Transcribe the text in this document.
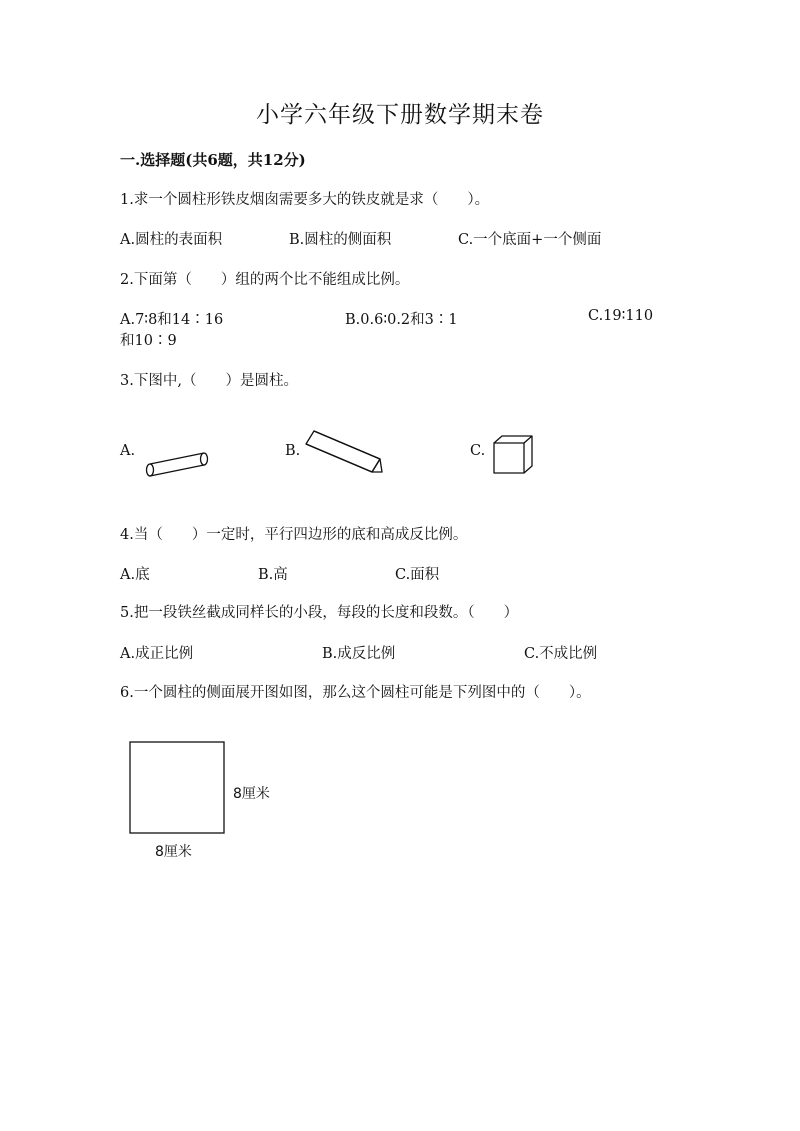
小学六年级下册数学期末卷
一.选择题(共6题，共12分)
1.求一个圆柱形铁皮烟囱需要多大的铁皮就是求（　　）。
A.圆柱的表面积	B.圆柱的侧面积	C.一个底面+一个侧面
2.下面第（　　）组的两个比不能组成比例。
A.7∶8和14∶16	B.0.6∶0.2和3∶1	C.19∶110
和10∶9
3.下图中,（　　）是圆柱。
A.	B.	C.
4.当（　　）一定时，平行四边形的底和高成反比例。
A.底	B.高	C.面积
5.把一段铁丝截成同样长的小段，每段的长度和段数。（　　）
A.成正比例	B.成反比例	C.不成比例
6.一个圆柱的侧面展开图如图，那么这个圆柱可能是下列图中的（　　）。
8厘米
8厘米
